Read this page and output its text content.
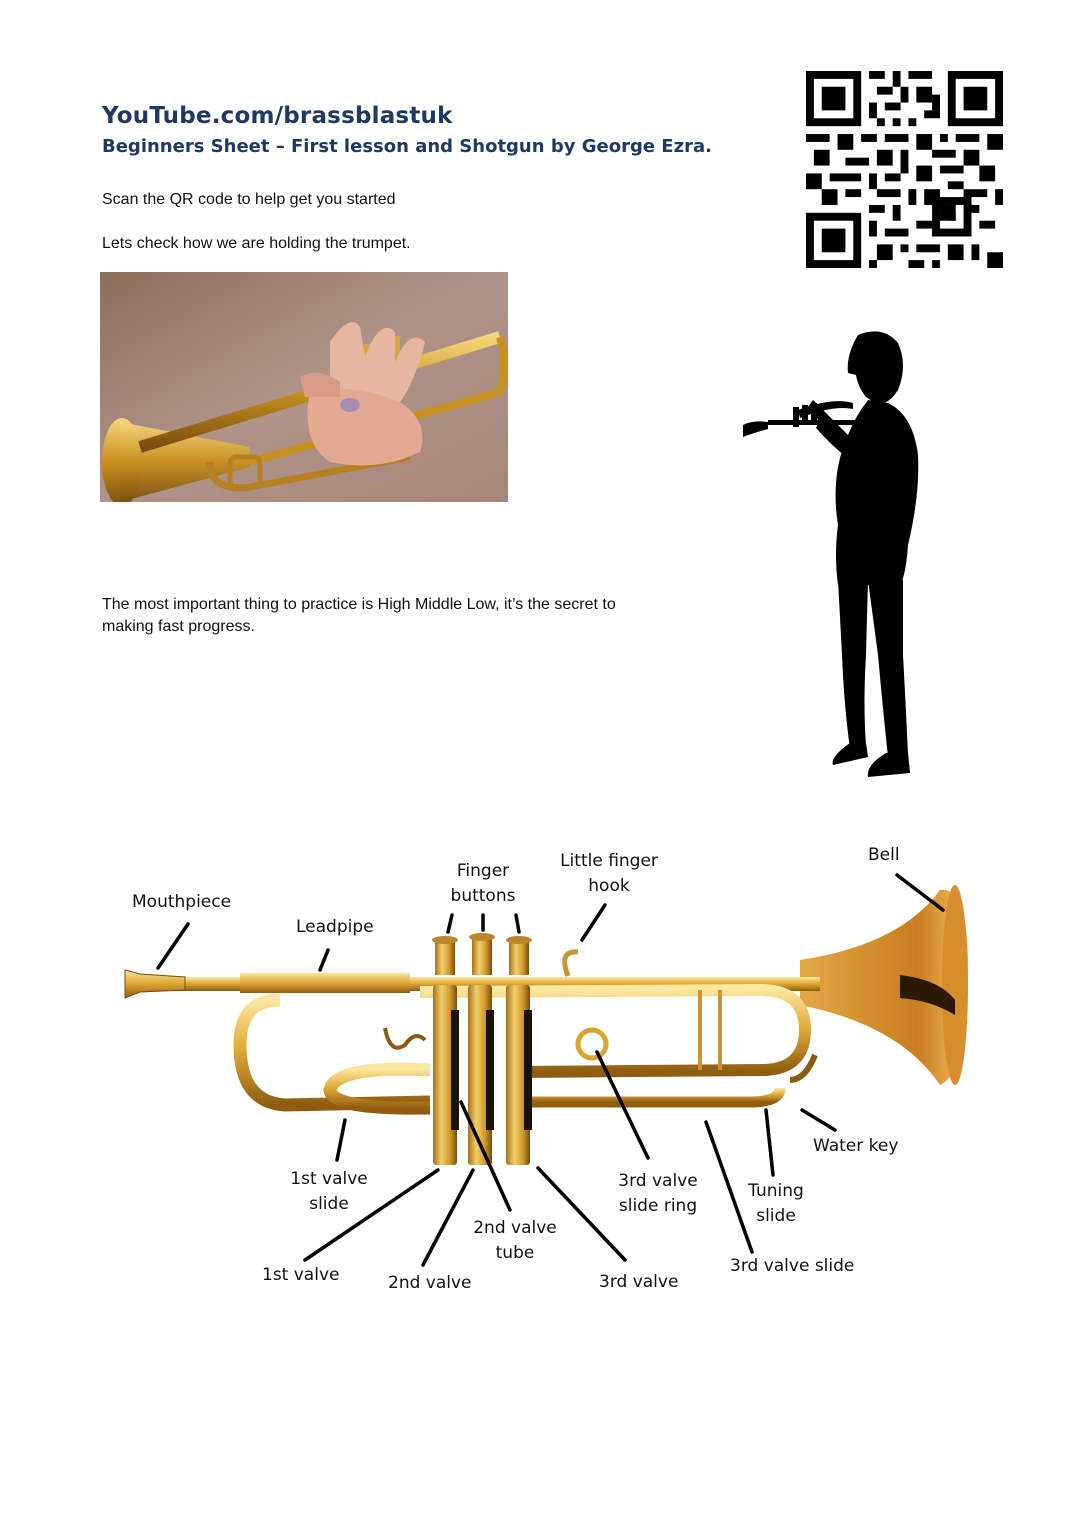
YouTube.com/brassblastuk
Beginners Sheet – First lesson and Shotgun by George Ezra.
Scan the QR code to help get you started
Lets check how we are holding the trumpet.
The most important thing to practice is High Middle Low, it’s the secret to
making fast progress.
Mouthpiece
Leadpipe
Finger
buttons
Little finger
hook
Bell
Water key
1st valve
slide
3rd valve
slide ring
Tuning
slide
2nd valve
tube
1st valve	2nd valve	3rd valve
3rd valve slide
